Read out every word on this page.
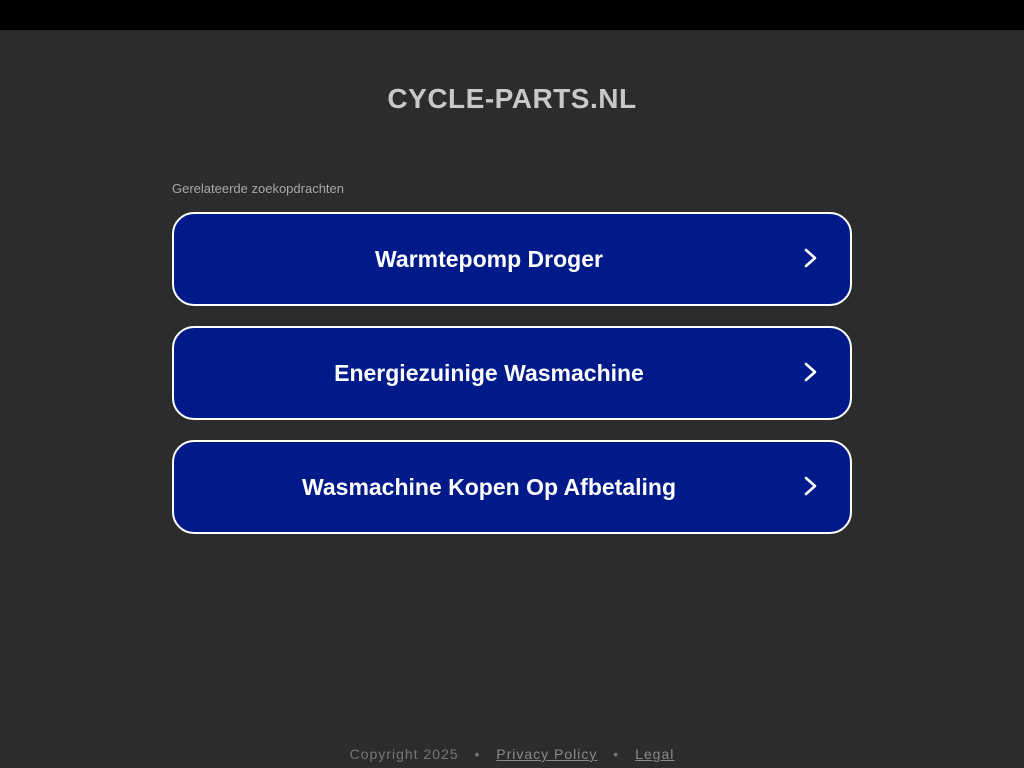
CYCLE-PARTS.NL
Gerelateerde zoekopdrachten
Warmtepomp Droger
Energiezuinige Wasmachine
Wasmachine Kopen Op Afbetaling
Copyright 2025 • Privacy Policy • Legal
